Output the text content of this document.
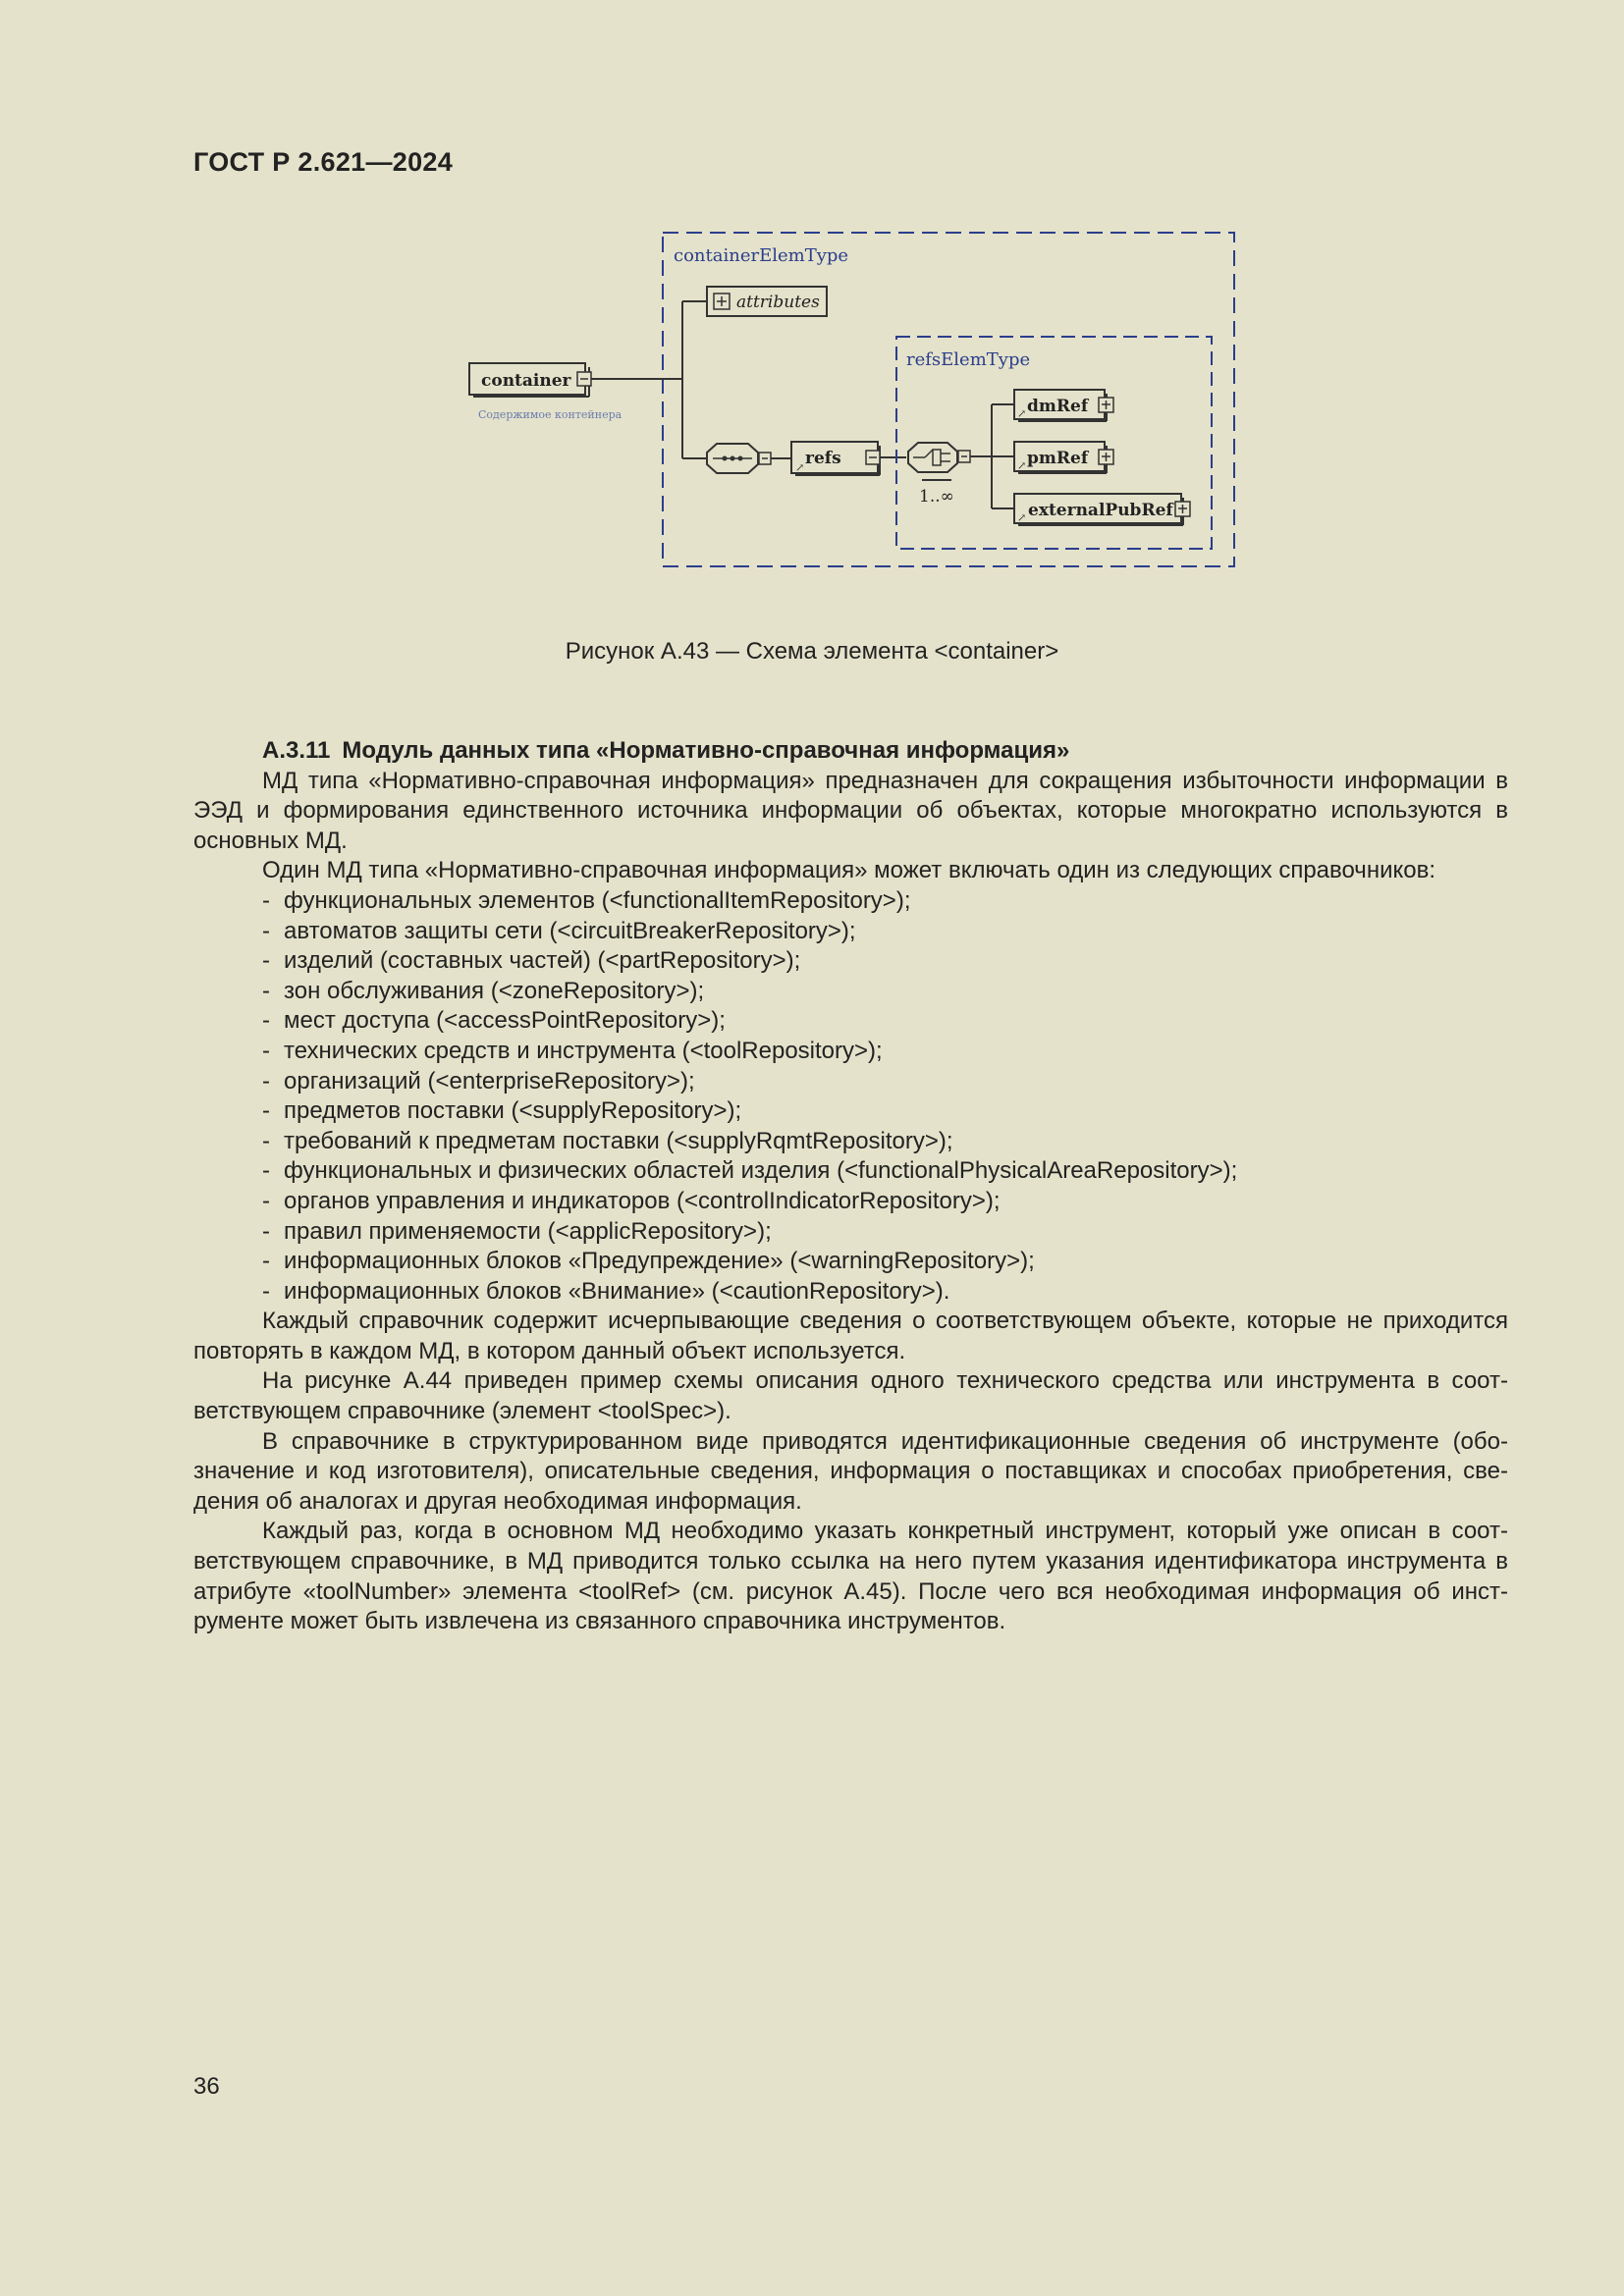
ГОСТ Р 2.621—2024
containerElemType
attributes
container
Содержимое контейнера
↗ refs
refsElemType
1..∞
↗ dmRef
↗ pmRef
↗ externalPubRef
Рисунок А.43 — Схема элемента <container>

А.3.11 Модуль данных типа «Нормативно-справочная информация»

МД типа «Нормативно-справочная информация» предназначен для сокращения избыточности информации в ЭЭД и формирования единственного источника информации об объектах, которые многократно используются в основных МД.

Один МД типа «Нормативно-справочная информация» может включать один из следующих справочников:

- функциональных элементов (<functionalItemRepository>);
- автоматов защиты сети (<circuitBreakerRepository>);
- изделий (составных частей) (<partRepository>);
- зон обслуживания (<zoneRepository>);
- мест доступа (<accessPointRepository>);
- технических средств и инструмента (<toolRepository>);
- организаций (<enterpriseRepository>);
- предметов поставки (<supplyRepository>);
- требований к предметам поставки (<supplyRqmtRepository>);
- функциональных и физических областей изделия (<functionalPhysicalAreaRepository>);
- органов управления и индикаторов (<controlIndicatorRepository>);
- правил применяемости (<applicRepository>);
- информационных блоков «Предупреждение» (<warningRepository>);
- информационных блоков «Внимание» (<cautionRepository>).

Каждый справочник содержит исчерпывающие сведения о соответствующем объекте, которые не приходится повторять в каждом МД, в котором данный объект используется.

На рисунке А.44 приведен пример схемы описания одного технического средства или инструмента в соответствующем справочнике (элемент <toolSpec>).

В справочнике в структурированном виде приводятся идентификационные сведения об инструменте (обозначение и код изготовителя), описательные сведения, информация о поставщиках и способах приобретения, сведения об аналогах и другая необходимая информация.

Каждый раз, когда в основном МД необходимо указать конкретный инструмент, который уже описан в соответствующем справочнике, в МД приводится только ссылка на него путем указания идентификатора инструмента в атрибуте «toolNumber» элемента <toolRef> (см. рисунок А.45). После чего вся необходимая информация об инструменте может быть извлечена из связанного справочника инструментов.

36
